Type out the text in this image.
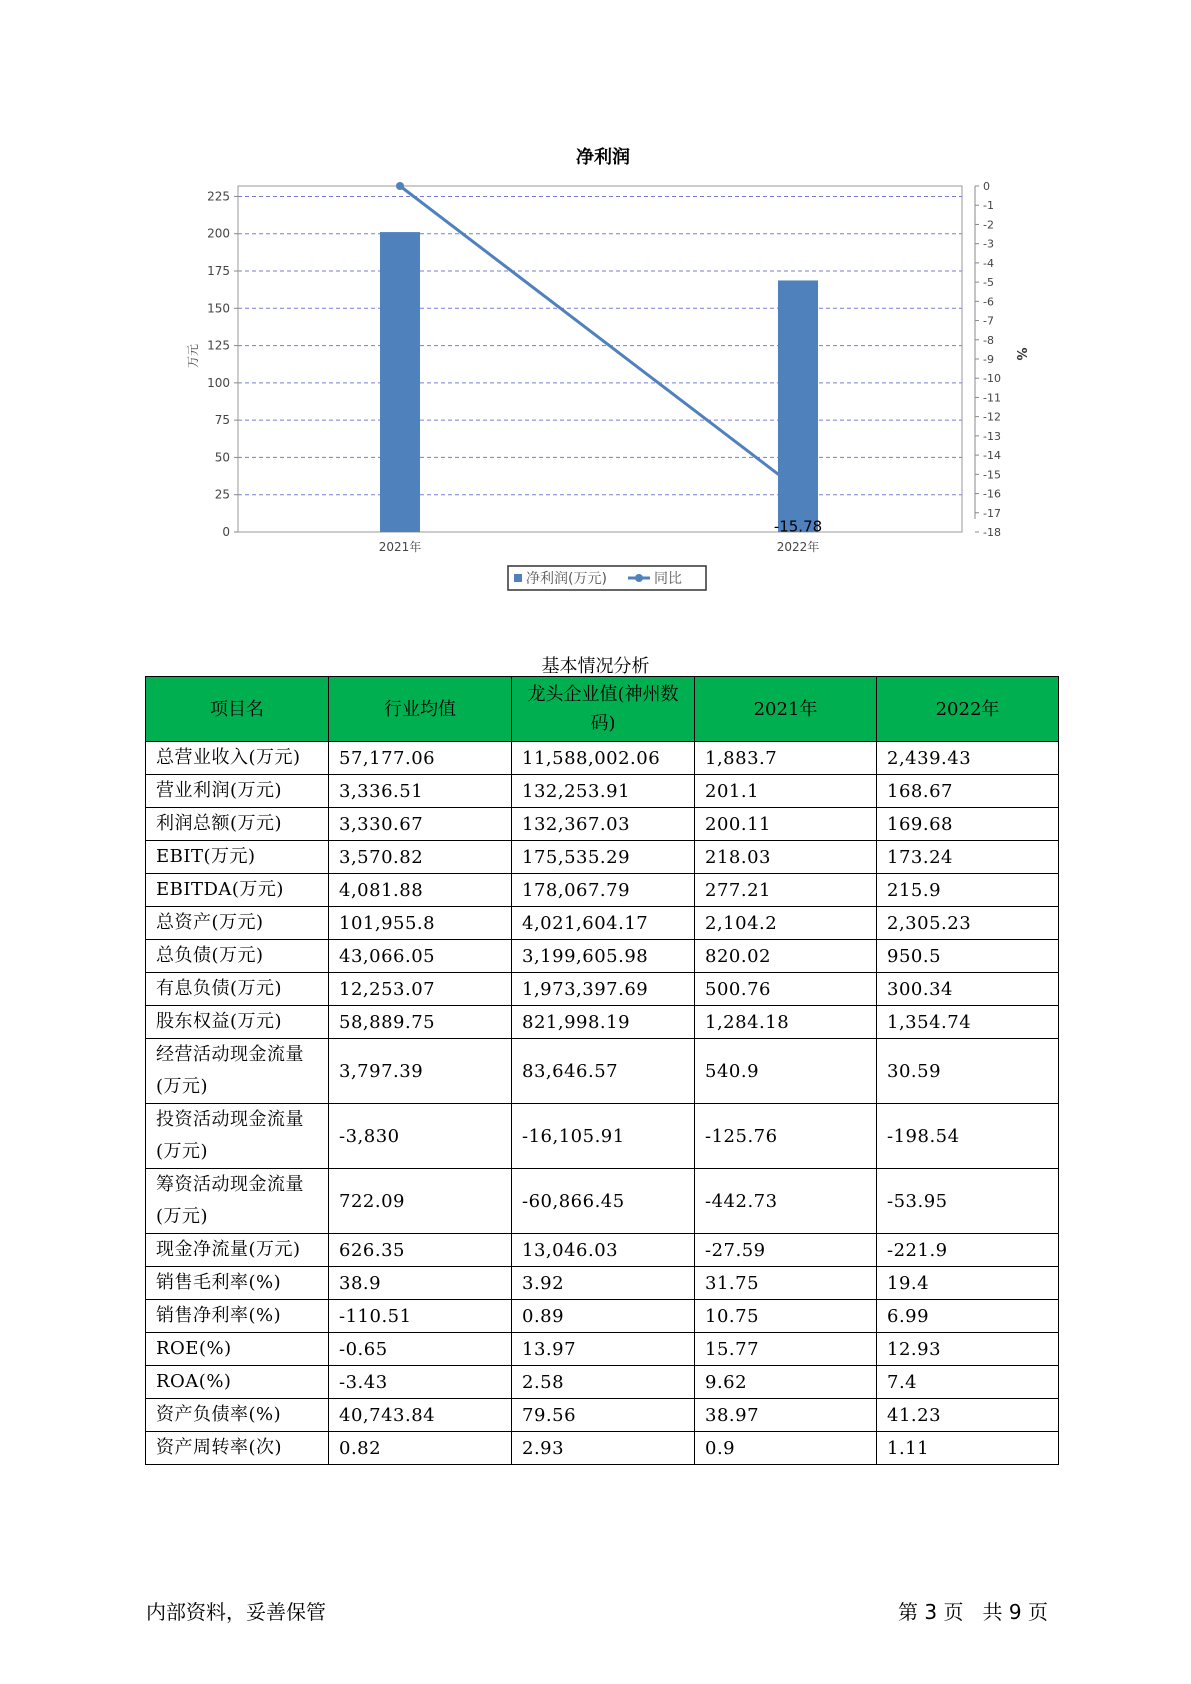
净利润
-15.78
0
25
50
75
100
125
150
175
200
225
0
-1
-2
-3
-4
-5
-6
-7
-8
-9
-10
-11
-12
-13
-14
-15
-16
-17
-18
2021年	2022年
万元	%
净利润(万元)	同比
基本情况分析
项目名	行业均值	龙头企业值(神州数码)	2021年	2022年
总营业收入(万元)	57,177.06	11,588,002.06	1,883.7	2,439.43
营业利润(万元)	3,336.51	132,253.91	201.1	168.67
利润总额(万元)	3,330.67	132,367.03	200.11	169.68
EBIT(万元)	3,570.82	175,535.29	218.03	173.24
EBITDA(万元)	4,081.88	178,067.79	277.21	215.9
总资产(万元)	101,955.8	4,021,604.17	2,104.2	2,305.23
总负债(万元)	43,066.05	3,199,605.98	820.02	950.5
有息负债(万元)	12,253.07	1,973,397.69	500.76	300.34
股东权益(万元)	58,889.75	821,998.19	1,284.18	1,354.74
经营活动现金流量(万元)	3,797.39	83,646.57	540.9	30.59
投资活动现金流量(万元)	-3,830	-16,105.91	-125.76	-198.54
筹资活动现金流量(万元)	722.09	-60,866.45	-442.73	-53.95
现金净流量(万元)	626.35	13,046.03	-27.59	-221.9
销售毛利率(%)	38.9	3.92	31.75	19.4
销售净利率(%)	-110.51	0.89	10.75	6.99
ROE(%)	-0.65	13.97	15.77	12.93
ROA(%)	-3.43	2.58	9.62	7.4
资产负债率(%)	40,743.84	79.56	38.97	41.23
资产周转率(次)	0.82	2.93	0.9	1.11
内部资料，妥善保管	第 3 页   共 9 页
